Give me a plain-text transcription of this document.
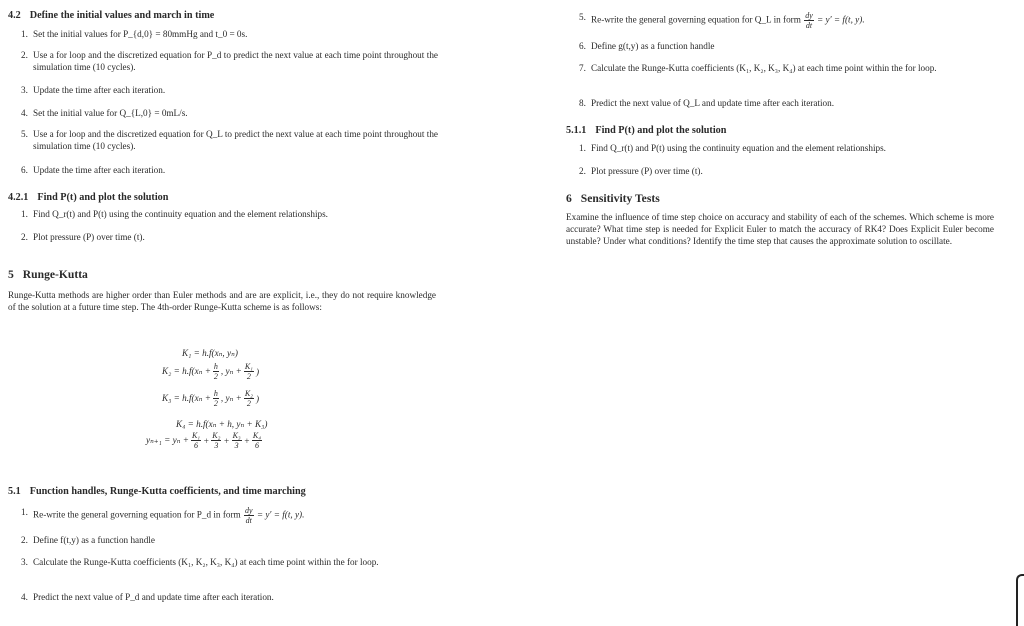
4.2 Define the initial values and march in time
1. Set the initial values for P_{d,0} = 80mmHg and t_0 = 0s.
2. Use a for loop and the discretized equation for P_d to predict the next value at each time point throughout the simulation time (10 cycles).
3. Update the time after each iteration.
4. Set the initial value for Q_{L,0} = 0mL/s.
5. Use a for loop and the discretized equation for Q_L to predict the next value at each time point throughout the simulation time (10 cycles).
6. Update the time after each iteration.
4.2.1 Find P(t) and plot the solution
1. Find Q_r(t) and P(t) using the continuity equation and the element relationships.
2. Plot pressure (P) over time (t).
5 Runge-Kutta
Runge-Kutta methods are higher order than Euler methods and are are explicit, i.e., they do not require knowledge of the solution at a future time step. The 4th-order Runge-Kutta scheme is as follows:
5.1 Function handles, Runge-Kutta coefficients, and time marching
1. Re-write the general governing equation for P_d in form $\frac{dy}{dt} = y' = f(t$, y).
2. Define f(t,y) as a function handle
3. Calculate the Runge-Kutta coefficients (K₁, K₂, K₃, K₄) at each time point within the for loop.
4. Predict the next value of P_d and update time after each iteration.
K₁ = h.f(xₙ, yₙ)
$K_2 = h.f(x_n + \frac{h}{2}$ , $y_n + \frac{\text{K₁}}{2}$ )
$K_3 = h.f(x_n + \frac{h}{2}$ , $y_n + \frac{\text{K₂}}{2}$ )
K₄ = h.f(xₙ + h, yₙ + K₃)
$y_{n+1} = y_n + \frac{\text{K₁}}{6} + \frac{\text{K₂}}{3} + \frac{\text{K₃}}{3} + \frac{\text{K₄}}{6}$
5. Re-write the general governing equation for Q_L in form $\frac{dy}{dt} = y' = f(t$, y).
6. Define g(t,y) as a function handle
7. Calculate the Runge-Kutta coefficients (K₁, K₂, K₃, K₄) at each time point within the for loop.
8. Predict the next value of Q_L and update time after each iteration.
5.1.1 Find P(t) and plot the solution
1. Find Q_r(t) and P(t) using the continuity equation and the element relationships.
2. Plot pressure (P) over time (t).
6 Sensitivity Tests
Examine the influence of time step choice on accuracy and stability of each of the schemes. Which scheme is more accurate? What time step is needed for Explicit Euler to match the accuracy of RK4? Does Explicit Euler become unstable? Under what conditions? Identify the time step that causes the approximate solution to oscillate.
